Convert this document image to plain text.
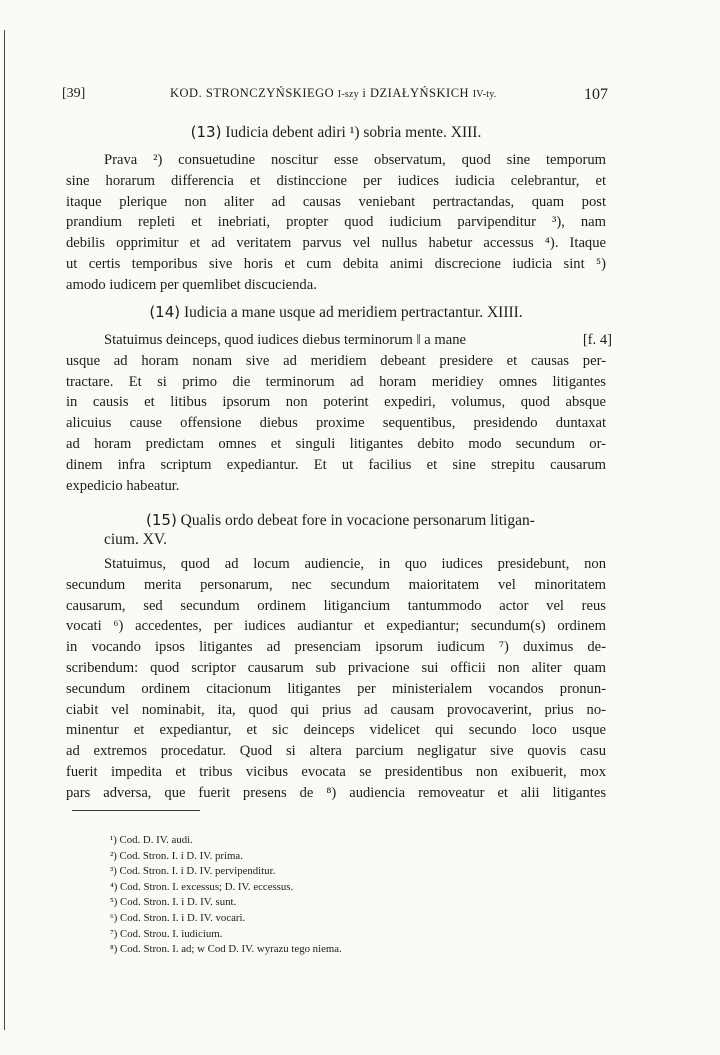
[39]	KOD. STRONCZYŃSKIEGO I-szy i DZIAŁYŃSKICH IV-ty.	107
(13) Iudicia debent adiri ¹) sobria mente. XIII.
Prava ²) consuetudine noscitur esse observatum, quod sine temporum
sine horarum differencia et distinccione per iudices iudicia celebrantur, et
itaque plerique non aliter ad causas veniebant pertractandas, quam post
prandium repleti et inebriati, propter quod iudicium parvipenditur ³), nam
debilis opprimitur et ad veritatem parvus vel nullus habetur accessus ⁴). Itaque
ut certis temporibus sive horis et cum debita animi discrecione iudicia sint ⁵)
amodo iudicem per quemlibet discucienda.
(14) Iudicia a mane usque ad meridiem pertractantur. XIIII.
Statuimus deinceps, quod iudices diebus terminorum ‖ a mane
usque ad horam nonam sive ad meridiem debeant presidere et causas per-
tractare. Et si primo die terminorum ad horam meridiey omnes litigantes
in causis et litibus ipsorum non poterint expediri, volumus, quod absque
alicuius cause offensione diebus proxime sequentibus, presidendo duntaxat
ad horam predictam omnes et singuli litigantes debito modo secundum or-
dinem infra scriptum expediantur. Et ut facilius et sine strepitu causarum
expedicio habeatur.
[f. 4]
(15) Qualis ordo debeat fore in vocacione personarum litigan-
cium. XV.
Statuimus, quod ad locum audiencie, in quo iudices presidebunt, non
secundum merita personarum, nec secundum maioritatem vel minoritatem
causarum, sed secundum ordinem litigancium tantummodo actor vel reus
vocati ⁶) accedentes, per iudices audiantur et expediantur; secundum(s) ordinem
in vocando ipsos litigantes ad presenciam ipsorum iudicum ⁷) duximus de-
scribendum: quod scriptor causarum sub privacione sui officii non aliter quam
secundum ordinem citacionum litigantes per ministerialem vocandos pronun-
ciabit vel nominabit, ita, quod qui prius ad causam provocaverint, prius no-
minentur et expediantur, et sic deinceps videlicet qui secundo loco usque
ad extremos procedatur. Quod si altera parcium negligatur sive quovis casu
fuerit impedita et tribus vicibus evocata se presidentibus non exibuerit, mox
pars adversa, que fuerit presens de ⁸) audiencia removeatur et alii litigantes
¹) Cod. D. IV. audi.
²) Cod. Stron. I. i D. IV. prima.
³) Cod. Stron. I. i D. IV. pervipenditur.
⁴) Cod. Stron. I. excessus; D. IV. eccessus.
⁵) Cod. Stron. I. i D. IV. sunt.
⁶) Cod. Stron. I. i D. IV. vocari.
⁷) Cod. Strou. I. iudicium.
⁸) Cod. Stron. I. ad; w Cod D. IV. wyrazu tego niema.
